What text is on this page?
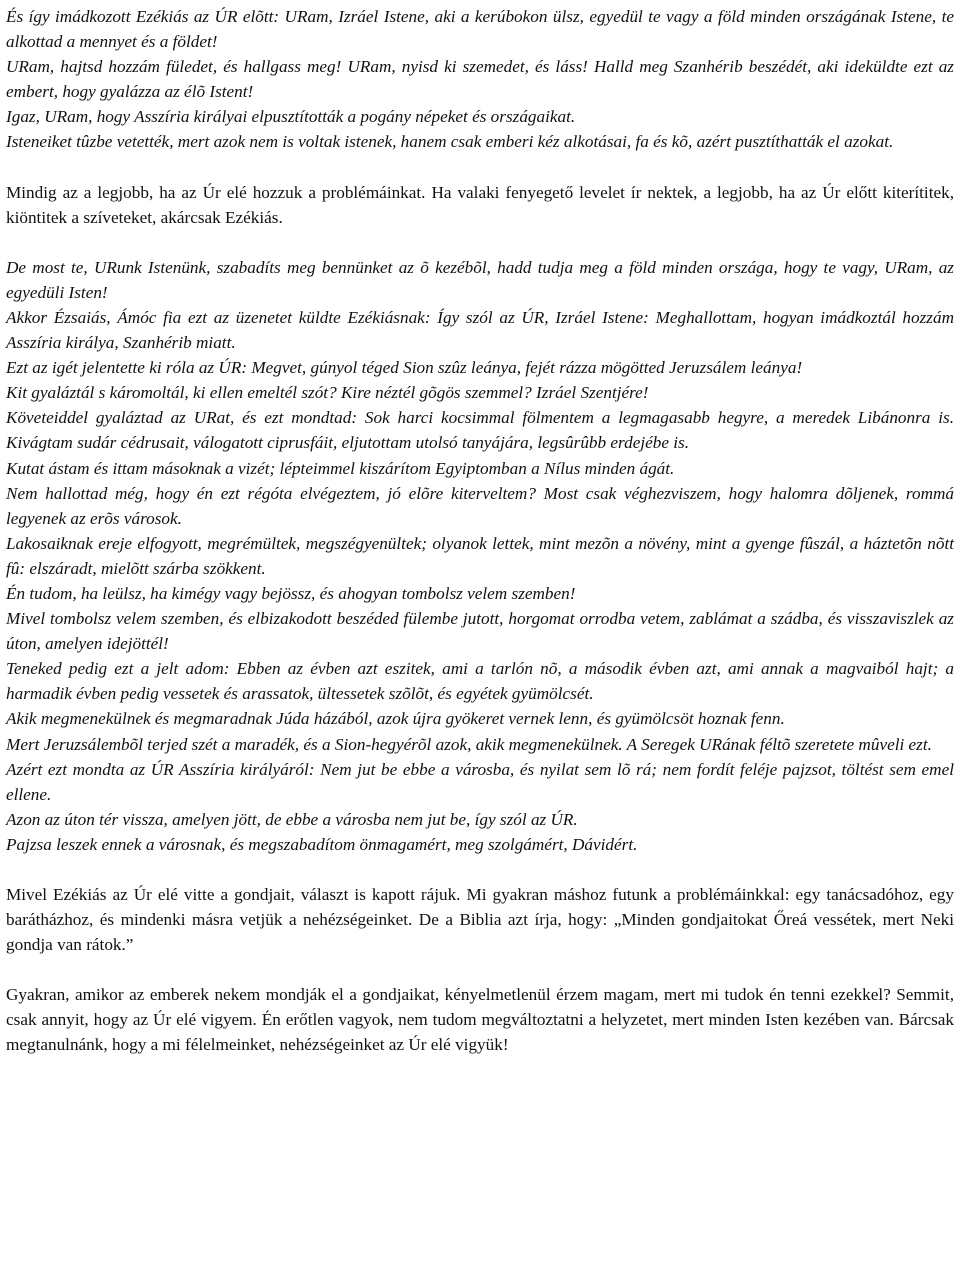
És így imádkozott Ezékiás az ÚR elõtt: URam, Izráel Istene, aki a kerúbokon ülsz, egyedül te vagy a föld minden országának Istene, te alkottad a mennyet és a földet!

URam, hajtsd hozzám füledet, és hallgass meg! URam, nyisd ki szemedet, és láss! Halld meg Szanhérib beszédét, aki ideküldte ezt az embert, hogy gyalázza az élõ Istent!

Igaz, URam, hogy Asszíria királyai elpusztították a pogány népeket és országaikat.

Isteneiket tûzbe vetették, mert azok nem is voltak istenek, hanem csak emberi kéz alkotásai, fa és kõ, azért pusztíthatták el azokat.

Mindig az a legjobb, ha az Úr elé hozzuk a problémáinkat. Ha valaki fenyegető levelet ír nektek, a legjobb, ha az Úr előtt kiterítitek, kiöntitek a szíveteket, akárcsak Ezékiás.

De most te, URunk Istenünk, szabadíts meg bennünket az õ kezébõl, hadd tudja meg a föld minden országa, hogy te vagy, URam, az egyedüli Isten!

Akkor Ézsaiás, Ámóc fia ezt az üzenetet küldte Ezékiásnak: Így szól az ÚR, Izráel Istene: Meghallottam, hogyan imádkoztál hozzám Asszíria királya, Szanhérib miatt.

Ezt az igét jelentette ki róla az ÚR: Megvet, gúnyol téged Sion szûz leánya, fejét rázza mögötted Jeruzsálem leánya!

Kit gyaláztál s káromoltál, ki ellen emeltél szót? Kire néztél gõgös szemmel? Izráel Szentjére!

Követeiddel gyaláztad az URat, és ezt mondtad: Sok harci kocsimmal fölmentem a legmagasabb hegyre, a meredek Libánonra is. Kivágtam sudár cédrusait, válogatott ciprusfáit, eljutottam utolsó tanyájára, legsûrûbb erdejébe is.

Kutat ástam és ittam másoknak a vizét; lépteimmel kiszárítom Egyiptomban a Nílus minden ágát.

Nem hallottad még, hogy én ezt régóta elvégeztem, jó elõre kiterveltem? Most csak véghezviszem, hogy halomra dõljenek, rommá legyenek az erõs városok.

Lakosaiknak ereje elfogyott, megrémültek, megszégyenültek; olyanok lettek, mint mezõn a növény, mint a gyenge fûszál, a háztetõn nõtt fû: elszáradt, mielõtt szárba szökkent.

Én tudom, ha leülsz, ha kimégy vagy bejössz, és ahogyan tombolsz velem szemben!

Mivel tombolsz velem szemben, és elbizakodott beszéded fülembe jutott, horgomat orrodba vetem, zablámat a szádba, és visszaviszlek az úton, amelyen idejöttél!

Teneked pedig ezt a jelt adom: Ebben az évben azt eszitek, ami a tarlón nõ, a második évben azt, ami annak a magvaiból hajt; a harmadik évben pedig vessetek és arassatok, ültessetek szõlõt, és egyétek gyümölcsét.

Akik megmenekülnek és megmaradnak Júda házából, azok újra gyökeret vernek lenn, és gyümölcsöt hoznak fenn.

Mert Jeruzsálembõl terjed szét a maradék, és a Sion-hegyérõl azok, akik megmenekülnek. A Seregek URának féltõ szeretete mûveli ezt.

Azért ezt mondta az ÚR Asszíria királyáról: Nem jut be ebbe a városba, és nyilat sem lõ rá; nem fordít feléje pajzsot, töltést sem emel ellene.

Azon az úton tér vissza, amelyen jött, de ebbe a városba nem jut be, így szól az ÚR.

Pajzsa leszek ennek a városnak, és megszabadítom önmagamért, meg szolgámért, Dávidért.

Mivel Ezékiás az Úr elé vitte a gondjait, választ is kapott rájuk. Mi gyakran máshoz futunk a problémáinkkal: egy tanácsadóhoz, egy barátházhoz, és mindenki másra vetjük a nehézségeinket. De a Biblia azt írja, hogy: „Minden gondjaitokat Őreá vessétek, mert Neki gondja van rátok.”

Gyakran, amikor az emberek nekem mondják el a gondjaikat, kényelmetlenül érzem magam, mert mi tudok én tenni ezekkel? Semmit, csak annyit, hogy az Úr elé vigyem. Én erőtlen vagyok, nem tudom megváltoztatni a helyzetet, mert minden Isten kezében van. Bárcsak megtanulnánk, hogy a mi félelmeinket, nehézségeinket az Úr elé vigyük!
